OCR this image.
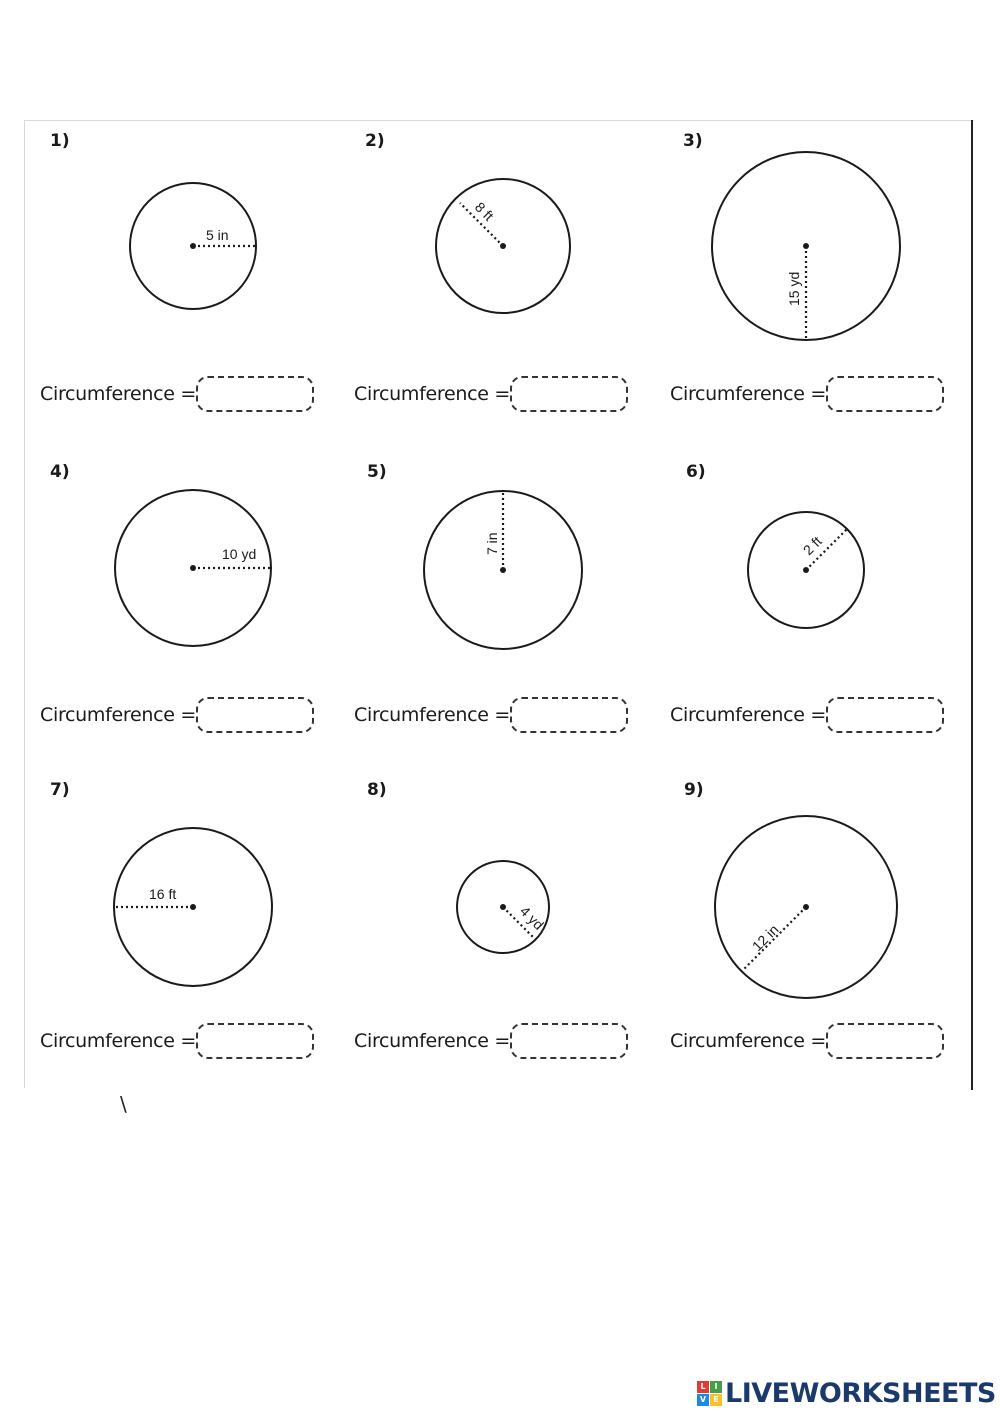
1)	2)	3)
4)	5)	6)
7)	8)	9)
5 in
8 ft
15 yd
10 yd	7 in	2 ft
16 ft
4 yd
12 in
Circumference =	Circumference =	Circumference =
Circumference =	Circumference =	Circumference =
Circumference =	Circumference =	Circumference =
\
L	I
V E LIVEWORKSHEETS
